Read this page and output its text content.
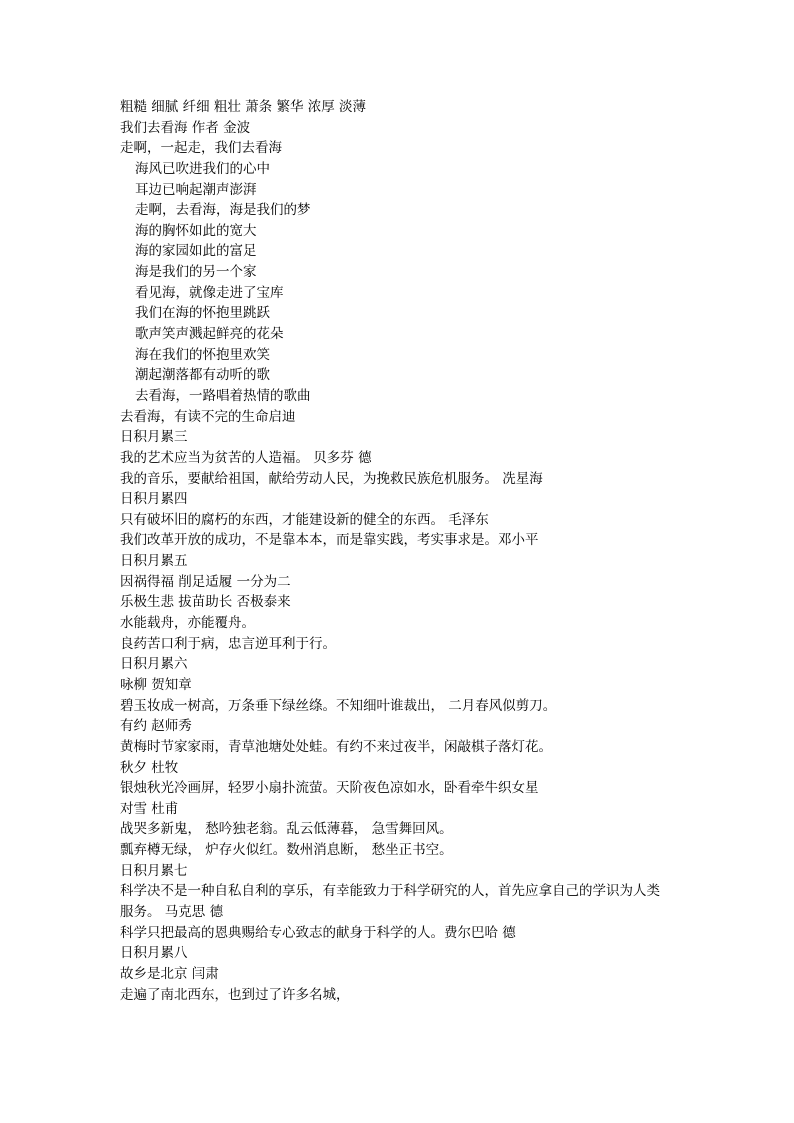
粗糙 细腻 纤细 粗壮 萧条 繁华 浓厚 淡薄
我们去看海 作者 金波
走啊，一起走，我们去看海
海风已吹进我们的心中
耳边已响起潮声澎湃
走啊，去看海，海是我们的梦
海的胸怀如此的宽大
海的家园如此的富足
海是我们的另一个家
看见海，就像走进了宝库
我们在海的怀抱里跳跃
歌声笑声溅起鲜亮的花朵
海在我们的怀抱里欢笑
潮起潮落都有动听的歌
去看海，一路唱着热情的歌曲
去看海，有读不完的生命启迪
日积月累三
我的艺术应当为贫苦的人造福。 贝多芬 德
我的音乐，要献给祖国，献给劳动人民，为挽救民族危机服务。 冼星海
日积月累四
只有破坏旧的腐朽的东西，才能建设新的健全的东西。 毛泽东
我们改革开放的成功，不是靠本本，而是靠实践，考实事求是。邓小平
日积月累五
因祸得福 削足适履 一分为二
乐极生悲 拔苗助长 否极泰来
水能载舟，亦能覆舟。
良药苦口利于病，忠言逆耳利于行。
日积月累六
咏柳 贺知章
碧玉妆成一树高，万条垂下绿丝绦。不知细叶谁裁出， 二月春风似剪刀。
有约 赵师秀
黄梅时节家家雨，青草池塘处处蛙。有约不来过夜半，闲敲棋子落灯花。
秋夕 杜牧
银烛秋光冷画屏，轻罗小扇扑流萤。天阶夜色凉如水，卧看牵牛织女星
对雪 杜甫
战哭多新鬼， 愁吟独老翁。乱云低薄暮， 急雪舞回风。
瓢弃樽无绿， 炉存火似红。数州消息断， 愁坐正书空。
日积月累七
科学决不是一种自私自利的享乐，有幸能致力于科学研究的人，首先应拿自己的学识为人类
服务。 马克思 德
科学只把最高的恩典赐给专心致志的献身于科学的人。费尔巴哈 德
日积月累八
故乡是北京 闫肃
走遍了南北西东，也到过了许多名城，
